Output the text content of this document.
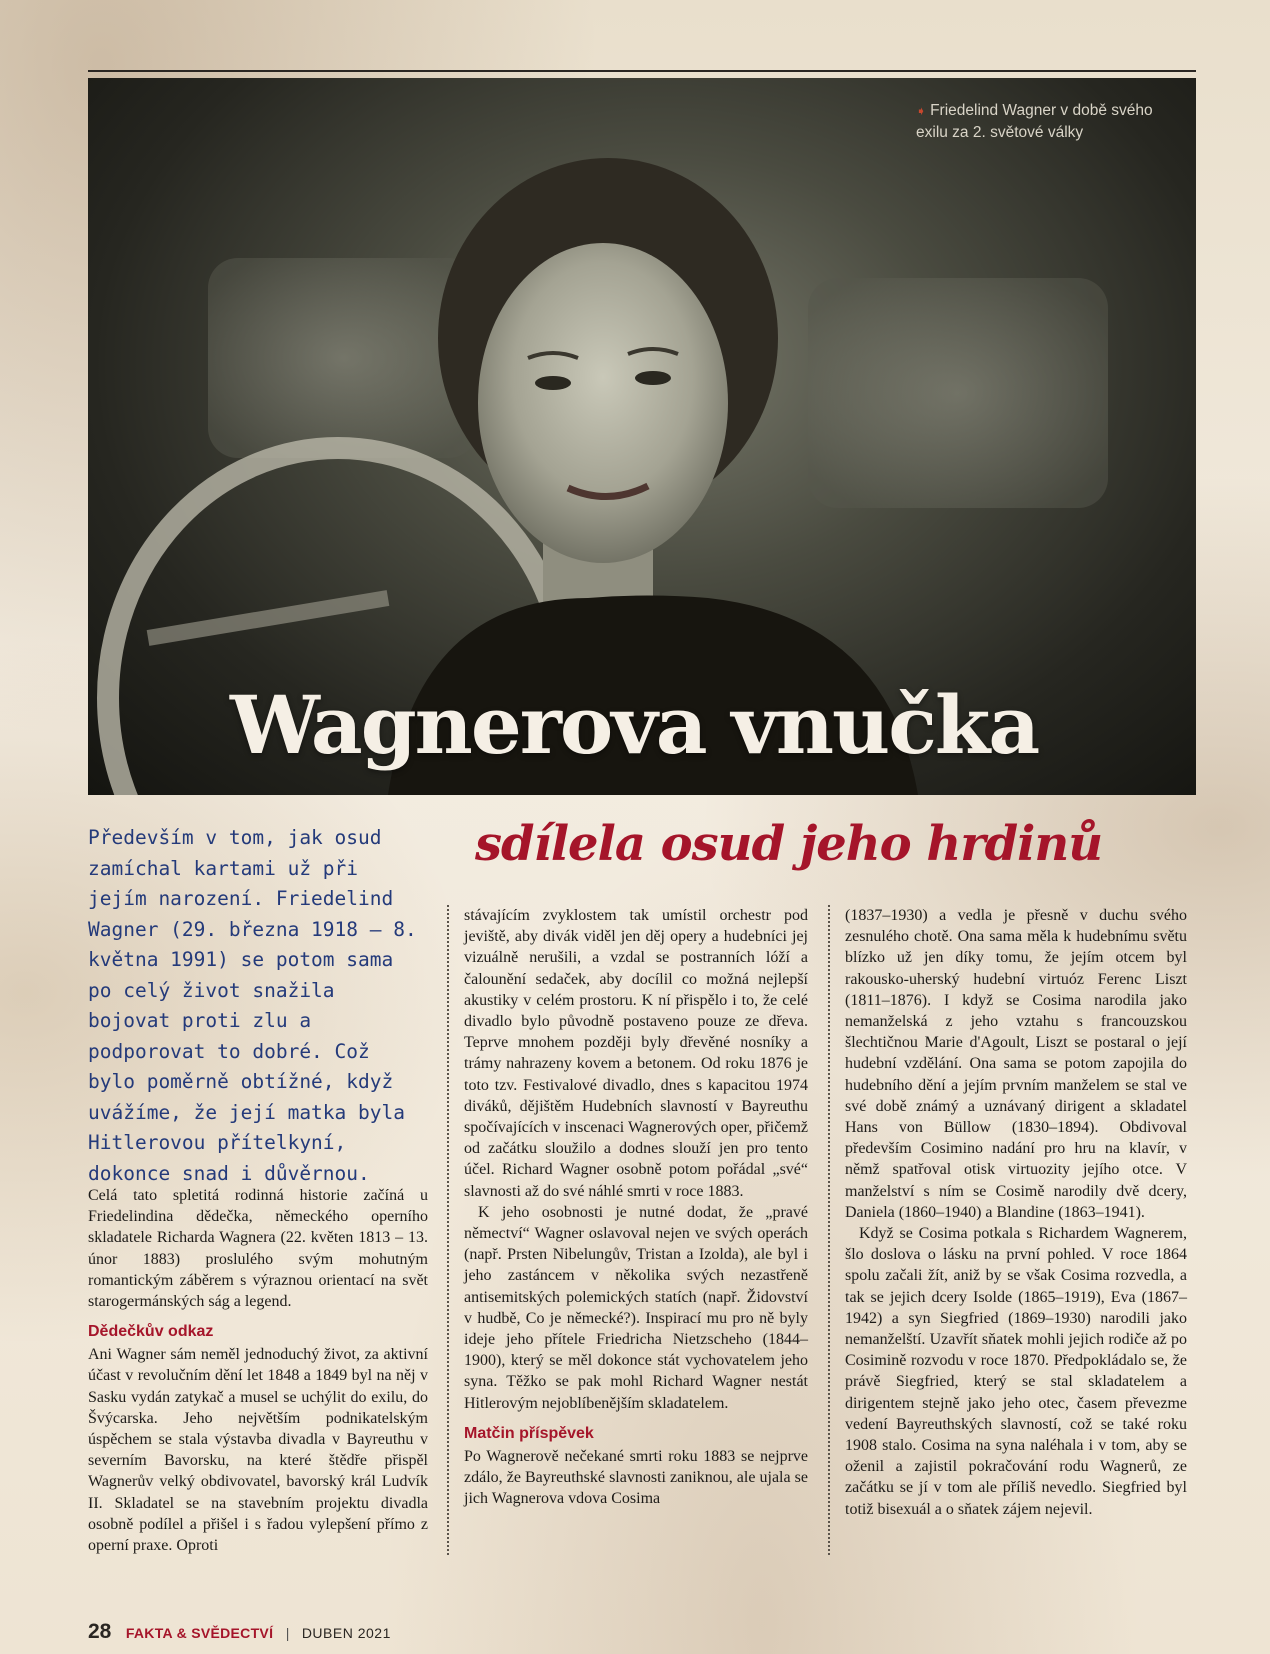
➧ Friedelind Wagner v době svého exilu za 2. světové války
Wagnerova vnučka
sdílela osud jeho hrdinů
Především v tom, jak osud zamíchal kartami už při jejím narození. Friedelind Wagner (29. března 1918 – 8. května 1991) se potom sama po celý život snažila bojovat proti zlu a podporovat to dobré. Což bylo poměrně obtížné, když uvážíme, že její matka byla Hitlerovou přítelkyní, dokonce snad i důvěrnou.

Celá tato spletitá rodinná historie začíná u Friedelindina dědečka, německého operního skladatele Richarda Wagnera (22. květen 1813 – 13. únor 1883) proslulého svým mohutným romantickým záběrem s výraznou orientací na svět starogermánských ság a legend.

Dědečkův odkaz

Ani Wagner sám neměl jednoduchý život, za aktivní účast v revolučním dění let 1848 a 1849 byl na něj v Sasku vydán zatykač a musel se uchýlit do exilu, do Švýcarska. Jeho největším podnikatelským úspěchem se stala výstavba divadla v Bayreuthu v severním Bavorsku, na které štědře přispěl Wagnerův velký obdivovatel, bavorský král Ludvík II. Skladatel se na stavebním projektu divadla osobně podílel a přišel i s řadou vylepšení přímo z operní praxe. Oproti

stávajícím zvyklostem tak umístil orchestr pod jeviště, aby divák viděl jen děj opery a hudebníci jej vizuálně nerušili, a vzdal se postranních lóží a čalounění sedaček, aby docílil co možná nejlepší akustiky v celém prostoru. K ní přispělo i to, že celé divadlo bylo původně postaveno pouze ze dřeva. Teprve mnohem později byly dřevěné nosníky a trámy nahrazeny kovem a betonem. Od roku 1876 je toto tzv. Festivalové divadlo, dnes s kapacitou 1974 diváků, dějištěm Hudebních slavností v Bayreuthu spočívajících v inscenaci Wagnerových oper, přičemž od začátku sloužilo a dodnes slouží jen pro tento účel. Richard Wagner osobně potom pořádal „své“ slavnosti až do své náhlé smrti v roce 1883.

K jeho osobnosti je nutné dodat, že „pravé němectví“ Wagner oslavoval nejen ve svých operách (např. Prsten Nibelungův, Tristan a Izolda), ale byl i jeho zastáncem v několika svých nezastřeně antisemitských polemických statích (např. Židovství v hudbě, Co je německé?). Inspirací mu pro ně byly ideje jeho přítele Friedricha Nietzscheho (1844–1900), který se měl dokonce stát vychovatelem jeho syna. Těžko se pak mohl Richard Wagner nestát Hitlerovým nejoblíbenějším skladatelem.

Matčin příspěvek

Po Wagnerově nečekané smrti roku 1883 se nejprve zdálo, že Bayreuthské slavnosti zaniknou, ale ujala se jich Wagnerova vdova Cosima

(1837–1930) a vedla je přesně v duchu svého zesnulého chotě. Ona sama měla k hudebnímu světu blízko už jen díky tomu, že jejím otcem byl rakousko-uherský hudební virtuóz Ferenc Liszt (1811–1876). I když se Cosima narodila jako nemanželská z jeho vztahu s francouzskou šlechtičnou Marie d'Agoult, Liszt se postaral o její hudební vzdělání. Ona sama se potom zapojila do hudebního dění a jejím prvním manželem se stal ve své době známý a uznávaný dirigent a skladatel Hans von Büllow (1830–1894). Obdivoval především Cosimino nadání pro hru na klavír, v němž spatřoval otisk virtuozity jejího otce. V manželství s ním se Cosimě narodily dvě dcery, Daniela (1860–1940) a Blandine (1863–1941).

Když se Cosima potkala s Richardem Wagnerem, šlo doslova o lásku na první pohled. V roce 1864 spolu začali žít, aniž by se však Cosima rozvedla, a tak se jejich dcery Isolde (1865–1919), Eva (1867–1942) a syn Siegfried (1869–1930) narodili jako nemanželští. Uzavřít sňatek mohli jejich rodiče až po Cosimině rozvodu v roce 1870. Předpokládalo se, že právě Siegfried, který se stal skladatelem a dirigentem stejně jako jeho otec, časem převezme vedení Bayreuthských slavností, což se také roku 1908 stalo. Cosima na syna naléhala i v tom, aby se oženil a zajistil pokračování rodu Wagnerů, ze začátku se jí v tom ale příliš nevedlo. Siegfried byl totiž bisexuál a o sňatek zájem nejevil.

28 FAKTA & SVĚDECTVÍ | DUBEN 2021
